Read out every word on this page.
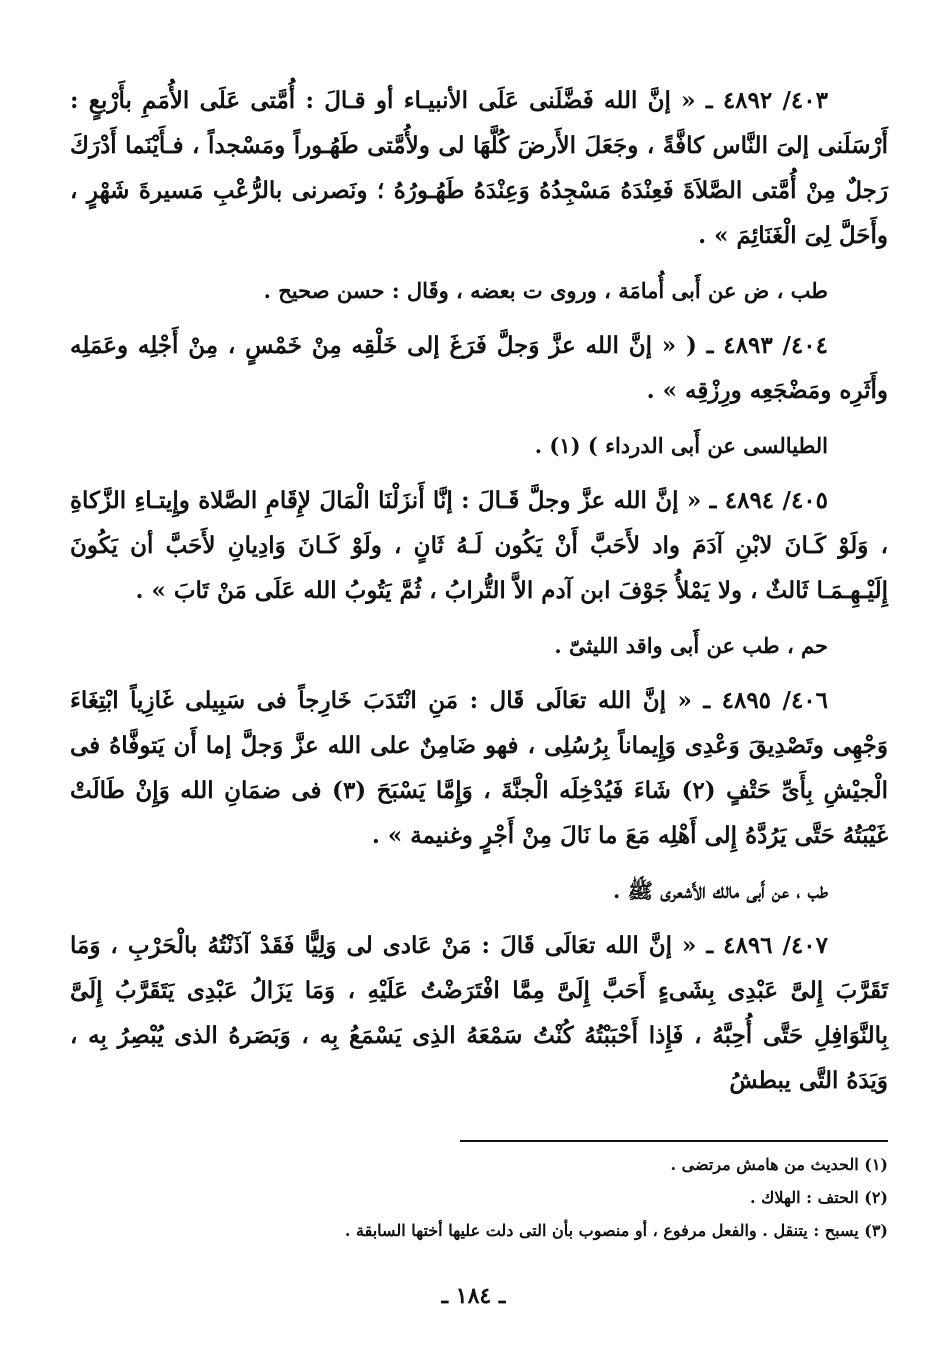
٤٠٣/ ٤٨٩٢ ـ « إنَّ الله فَضَّلَنى عَلَى الأنبيـاء أو قـالَ : أُمَّتى عَلَى الأُمَمِ بأَرْبعٍ : أَرْسَلَنى إلىَ النَّاس كافَّةً ، وجَعَلَ الأَرضَ كُلَّهَا لى ولأُمَّتى طَهُـوراً ومَسْجداً ، فـأَيْنَما أَدْرَكَ رَجلٌ مِنْ أُمَّتى الصَّلاَةَ فَعِنْدَهُ مَسْجِدُهُ وَعِنْدَهُ طَهُـورُهُ ؛ ونَصرنى بالرُّعْبِ مَسيرةَ شَهْرٍ ، وأَحَلَّ لِىَ الْغَنَائِمَ » .

طب ، ض عن أَبى أُمامَة ، وروى ت بعضه ، وقَال : حسن صحيح .

٤٠٤/ ٤٨٩٣ ـ ( « إنَّ الله عزَّ وَجلَّ فَرَغَ إلى خَلْقِه مِنْ خَمْسٍ ، مِنْ أَجْلِه وعَمَلِه وأَثَرِه ومَضْجَعِه ورِزْقِه » .

الطيالسى عن أَبى الدرداء ) (١) .

٤٠٥/ ٤٨٩٤ ـ « إنَّ الله عزَّ وجلَّ قَـالَ : إنَّا أَنزَلْنَا الْمَالَ لإِقَامِ الصَّلاة وإِيتـاءِ الزَّكاةِ ، وَلَوْ كَـانَ لابْنِ آدَمَ واد لأَحَبَّ أَنْ يَكُون لَـهُ ثَانٍ ، ولَوْ كَـانَ وَادِيانِ لأَحَبَّ أن يَكُونَ إِلَيْـهِـمَـا ثَالثٌ ، ولا يَمْلأُ جَوْفَ ابن آدم الاَّ التُّرابُ ، ثُمَّ يَتُوبُ الله عَلَى مَنْ تَابَ » .

حم ، طب عن أَبى واقد الليثىّ .

٤٠٦/ ٤٨٩٥ ـ « إنَّ الله تعَالَى قَال : مَنِ انْتَدَبَ خَارِجاً فى سَبِيلى غَازِياً ابْتِغَاءَ وَجْهِى وتَصْدِيقَ وَعْدِى وَإِيماناً بِرُسُلِى ، فهو ضَامِنٌ على الله عزَّ وَجلَّ إما أَن يَتوفَّاهُ فى الْجيْشِ بِأَىِّ حَتْفٍ (٢) شَاءَ فَيُدْخِلَه الْجنَّةَ ، وَإِمَّا يَسْبَحَ (٣) فى ضمَانِ الله وَإِنْ طَالَتْ غَيْبَتُهُ حَتَّى يَرُدَّهُ إِلى أَهْلِه مَعَ ما نَالَ مِنْ أَجْرٍ وغنيمة » .

طب ، عن أَبى مالك الأَشعرى ﷺ .

٤٠٧/ ٤٨٩٦ ـ « إنَّ الله تعَالَى قَالَ : مَنْ عَادى لى وَلِيًّا فَقَدْ آذَنْتُهُ بالْحَرْبِ ، وَمَا تَقَرَّبَ إِلىَّ عَبْدِى بِشَىءٍ أَحَبَّ إِلَىَّ مِمَّا افْتَرَضْتُ عَلَيْهِ ، وَمَا يَزَالُ عَبْدِى يَتَقَرَّبُ إِلَىَّ بِالنَّوَافِلِ حَتَّى أُحِبَّهُ ، فَإِذا أَحْبَبْتُهُ كُنْتُ سَمْعَهُ الذِى يَسْمَعُ بِه ، وَبَصَرهُ الذى يُبْصِرُ بِه ، وَيَدَهُ التَّى يبطشُ

(١) الحديث من هامش مرتضى .
(٢) الحتف : الهلاك .
(٣) يسبح : يتنقل . والفعل مرفوع ، أو منصوب بأن التى دلت عليها أختها السابقة .
ـ ١٨٤ ـ
